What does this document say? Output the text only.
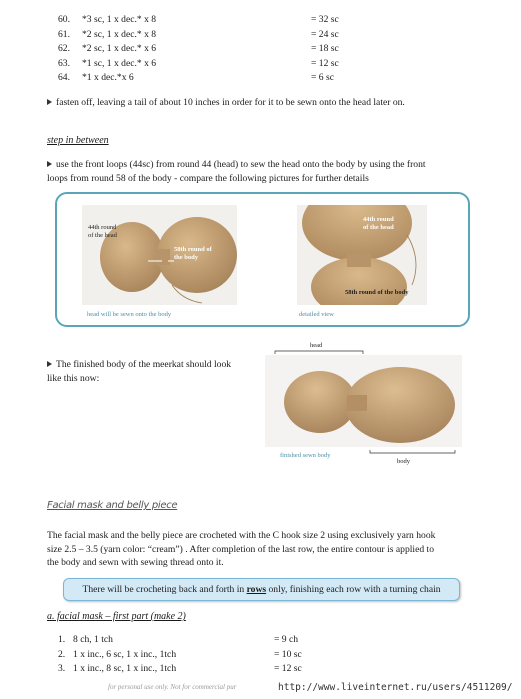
60.	*3 sc, 1 x dec.* x 8	= 32 sc
61.	*2 sc, 1 x dec.* x 8	= 24 sc
62.	*2 sc, 1 x dec.* x 6	= 18 sc
63.	*1 sc, 1 x dec.* x 6	= 12 sc
64.	*1 x dec.*x 6	= 6 sc
fasten off, leaving a tail of about 10 inches in order for it to be sewn onto the head later on.
step in between
use the front loops (44sc) from round 44 (head) to sew the head onto the body by using the front
loops from round 58 of the body - compare the following pictures for further details
44th round
of the head
58th round of
the body
head will be sewn onto the body
44th round
of the head
58th round of the body
detailed view
The finished body of the meerkat should look
like this now:
head
finished sewn body
body
Facial mask and belly piece
The facial mask and the belly piece are crocheted with the C hook size 2 using exclusively yarn hook
size 2.5 – 3.5 (yarn color: “cream”) . After completion of the last row, the entire contour is applied to
the body and sewn with sewing thread onto it.
There will be crocheting back and forth in rows only, finishing each row with a turning chain
a. facial mask – first part (make 2)
1. 8 ch, 1 tch	= 9 ch
2. 1 x inc., 6 sc, 1 x inc., 1tch	= 10 sc
3. 1 x inc., 8 sc, 1 x inc., 1tch	= 12 sc
for personal use only. Not for commercial pur	http://www.liveinternet.ru/users/4511209/
